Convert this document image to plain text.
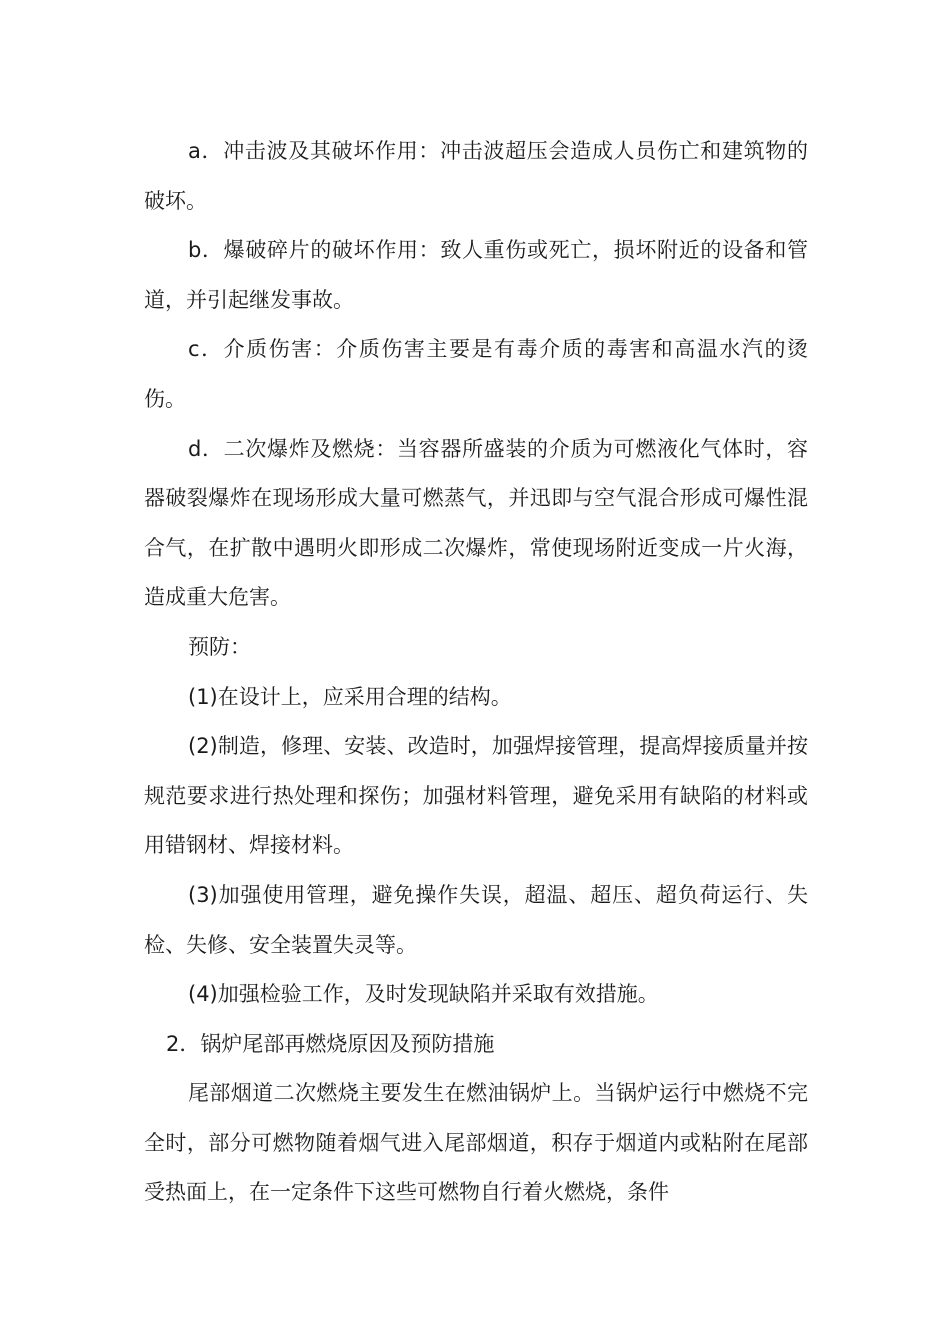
a．冲击波及其破坏作用：冲击波超压会造成人员伤亡和建筑物的破坏。

b．爆破碎片的破坏作用：致人重伤或死亡，损坏附近的设备和管道，并引起继发事故。

c．介质伤害：介质伤害主要是有毒介质的毒害和高温水汽的烫伤。

d．二次爆炸及燃烧：当容器所盛装的介质为可燃液化气体时，容器破裂爆炸在现场形成大量可燃蒸气，并迅即与空气混合形成可爆性混合气，在扩散中遇明火即形成二次爆炸，常使现场附近变成一片火海，造成重大危害。

预防：

(1)在设计上，应采用合理的结构。

(2)制造，修理、安装、改造时，加强焊接管理，提高焊接质量并按规范要求进行热处理和探伤；加强材料管理，避免采用有缺陷的材料或用错钢材、焊接材料。

(3)加强使用管理，避免操作失误，超温、超压、超负荷运行、失检、失修、安全装置失灵等。

(4)加强检验工作，及时发现缺陷并采取有效措施。

2．锅炉尾部再燃烧原因及预防措施

尾部烟道二次燃烧主要发生在燃油锅炉上。当锅炉运行中燃烧不完全时，部分可燃物随着烟气进入尾部烟道，积存于烟道内或粘附在尾部受热面上，在一定条件下这些可燃物自行着火燃烧，条件
